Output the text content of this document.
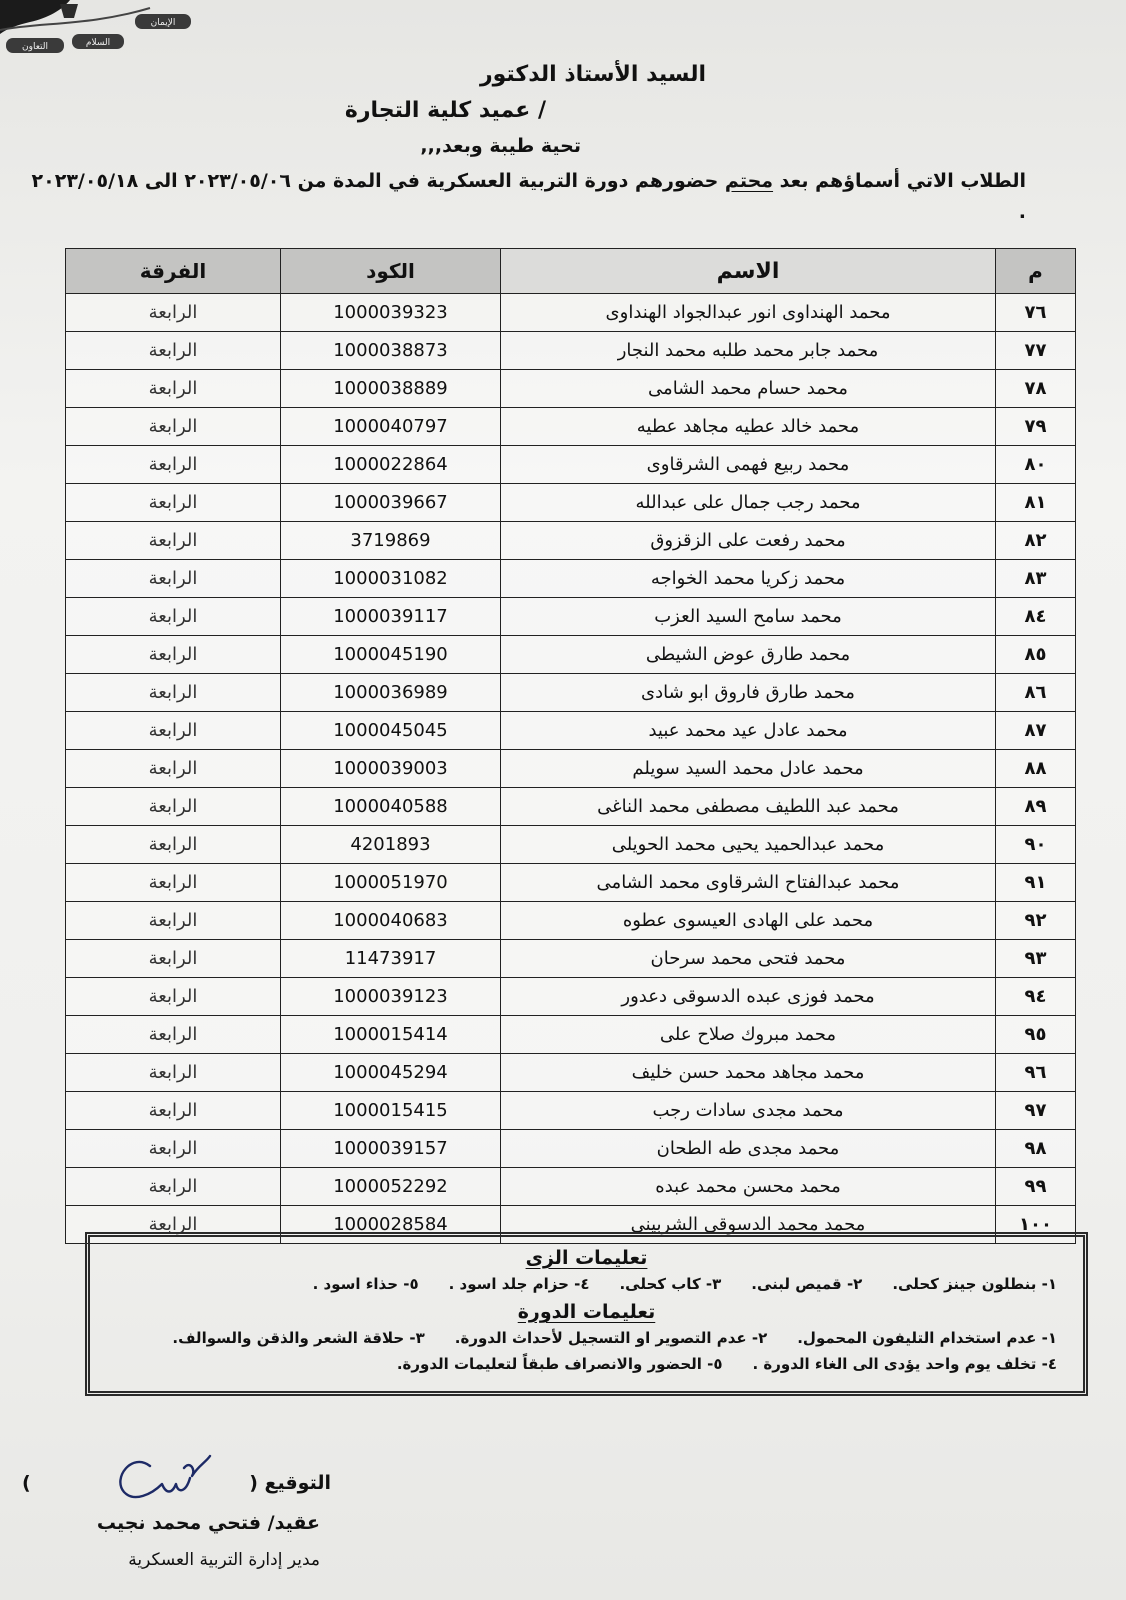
الإيمان
السلام
التعاون
السيد الأستاذ الدكتور
/ عميد كلية التجارة
تحية طيبة وبعد,,,

الطلاب الاتي أسماؤهم بعد محتم حضورهم دورة التربية العسكرية في المدة من ٢٠٢٣/٠٥/٠٦ الى ٢٠٢٣/٠٥/١٨ .

م	الاسم	الكود	الفرقة
٧٦	محمد الهنداوى انور عبدالجواد الهنداوى	1000039323	الرابعة
٧٧	محمد جابر محمد طلبه محمد النجار	1000038873	الرابعة
٧٨	محمد حسام محمد الشامى	1000038889	الرابعة
٧٩	محمد خالد عطيه مجاهد عطيه	1000040797	الرابعة
٨٠	محمد ربيع فهمى الشرقاوى	1000022864	الرابعة
٨١	محمد رجب جمال على عبدالله	1000039667	الرابعة
٨٢	محمد رفعت على الزقزوق	3719869	الرابعة
٨٣	محمد زكريا محمد الخواجه	1000031082	الرابعة
٨٤	محمد سامح السيد العزب	1000039117	الرابعة
٨٥	محمد طارق عوض الشيطى	1000045190	الرابعة
٨٦	محمد طارق فاروق ابو شادى	1000036989	الرابعة
٨٧	محمد عادل عيد محمد عبيد	1000045045	الرابعة
٨٨	محمد عادل محمد السيد سويلم	1000039003	الرابعة
٨٩	محمد عبد اللطيف مصطفى محمد الناغى	1000040588	الرابعة
٩٠	محمد عبدالحميد يحيى محمد الحويلى	4201893	الرابعة
٩١	محمد عبدالفتاح الشرقاوى محمد الشامى	1000051970	الرابعة
٩٢	محمد على الهادى العيسوى عطوه	1000040683	الرابعة
٩٣	محمد فتحى محمد سرحان	11473917	الرابعة
٩٤	محمد فوزى عبده الدسوقى دعدور	1000039123	الرابعة
٩٥	محمد مبروك صلاح على	1000015414	الرابعة
٩٦	محمد مجاهد محمد حسن خليف	1000045294	الرابعة
٩٧	محمد مجدى سادات رجب	1000015415	الرابعة
٩٨	محمد مجدى طه الطحان	1000039157	الرابعة
٩٩	محمد محسن محمد عبده	1000052292	الرابعة
١٠٠	محمد محمد الدسوقى الشربينى	1000028584	الرابعة
تعليمات الزى
١- بنطلون جينز كحلى.
٢- قميص لبنى.
٣- كاب كحلى.
٤- حزام جلد اسود .
٥- حذاء اسود .
تعليمات الدورة
١- عدم استخدام التليفون المحمول.
٢- عدم التصوير او التسجيل لأحداث الدورة.
٣- حلاقة الشعر والذقن والسوالف.
٤- تخلف يوم واحد يؤدى الى الغاء الدورة .
٥- الحضور والانصراف طبقاً لتعليمات الدورة.
التوقيع (
)
عقيد/ فتحي محمد نجيب
مدير إدارة التربية العسكرية
